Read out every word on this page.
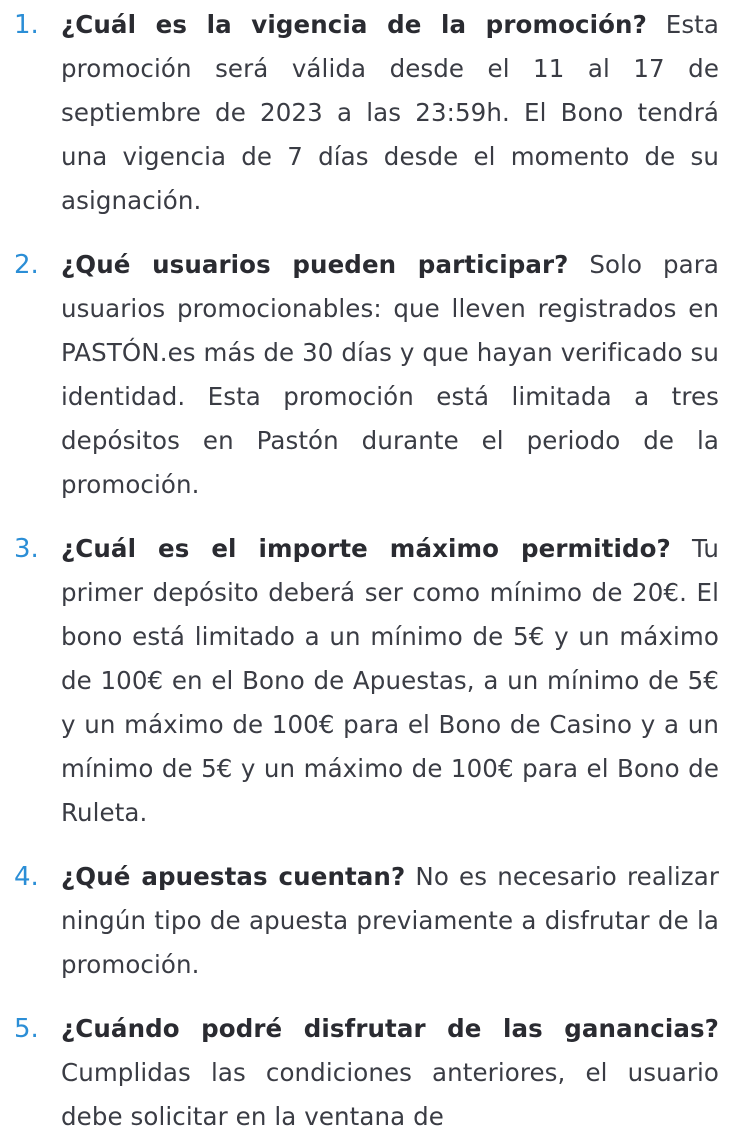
1. ¿Cuál es la vigencia de la promoción? Esta promoción será válida desde el 11 al 17 de septiembre de 2023 a las 23:59h. El Bono tendrá una vigencia de 7 días desde el momento de su asignación.

2. ¿Qué usuarios pueden participar? Solo para usuarios promocionables: que lleven registrados en PASTÓN.es más de 30 días y que hayan verificado su identidad. Esta promoción está limitada a tres depósitos en Pastón durante el periodo de la promoción.

3. ¿Cuál es el importe máximo permitido? Tu primer depósito deberá ser como mínimo de 20€. El bono está limitado a un mínimo de 5€ y un máximo de 100€ en el Bono de Apuestas, a un mínimo de 5€ y un máximo de 100€ para el Bono de Casino y a un mínimo de 5€ y un máximo de 100€ para el Bono de Ruleta.

4. ¿Qué apuestas cuentan? No es necesario realizar ningún tipo de apuesta previamente a disfrutar de la promoción.

5. ¿Cuándo podré disfrutar de las ganancias? Cumplidas las condiciones anteriores, el usuario debe solicitar en la ventana de
